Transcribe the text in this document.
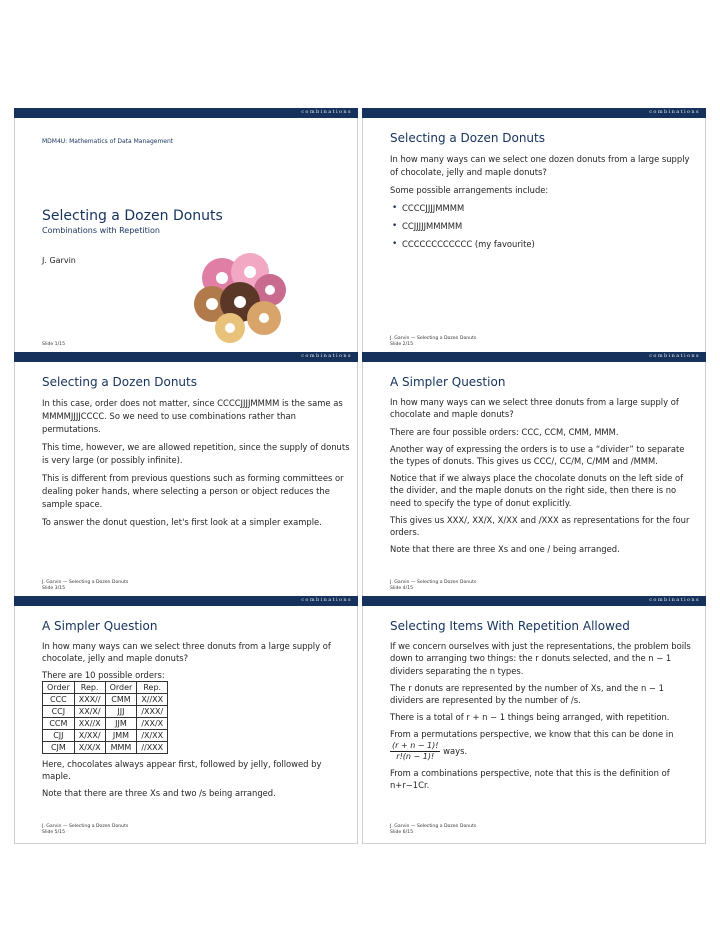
combinations
MDM4U: Mathematics of Data Management
Selecting a Dozen Donuts
Combinations with Repetition
J. Garvin
Slide 1/15
combinations
Selecting a Dozen Donuts

In how many ways can we select one dozen donuts from a large supply of chocolate, jelly and maple donuts?

Some possible arrangements include:

• CCCCJJJJMMMM
• CCJJJJJMMMMM
• CCCCCCCCCCCC (my favourite)
J. Garvin — Selecting a Dozen Donuts
Slide 2/15
combinations
Selecting a Dozen Donuts

In this case, order does not matter, since CCCCJJJJMMMM is the same as MMMMJJJJCCCC. So we need to use combinations rather than permutations.

This time, however, we are allowed repetition, since the supply of donuts is very large (or possibly infinite).

This is different from previous questions such as forming committees or dealing poker hands, where selecting a person or object reduces the sample space.

To answer the donut question, let's first look at a simpler example.

J. Garvin — Selecting a Dozen Donuts
Slide 3/15
combinations
A Simpler Question

In how many ways can we select three donuts from a large supply of chocolate and maple donuts?

There are four possible orders: CCC, CCM, CMM, MMM.

Another way of expressing the orders is to use a “divider” to separate the types of donuts. This gives us CCC/, CC/M, C/MM and /MMM.

Notice that if we always place the chocolate donuts on the left side of the divider, and the maple donuts on the right side, then there is no need to specify the type of donut explicitly.

This gives us XXX/, XX/X, X/XX and /XXX as representations for the four orders.

Note that there are three Xs and one / being arranged.

J. Garvin — Selecting a Dozen Donuts
Slide 4/15
combinations
A Simpler Question

In how many ways can we select three donuts from a large supply of chocolate, jelly and maple donuts?

There are 10 possible orders:

Order	Rep.	Order	Rep.
CCC	XXX//	CMM	X//XX
CCJ	XX/X/	JJJ	/XXX/
CCM	XX//X	JJM	/XX/X
CJJ	X/XX/	JMM	/X/XX
CJM	X/X/X	MMM	//XXX

Here, chocolates always appear first, followed by jelly, followed by maple.

Note that there are three Xs and two /s being arranged.

J. Garvin — Selecting a Dozen Donuts
Slide 5/15
combinations
Selecting Items With Repetition Allowed

If we concern ourselves with just the representations, the problem boils down to arranging two things: the r donuts selected, and the n − 1 dividers separating the n types.

The r donuts are represented by the number of Xs, and the n − 1 dividers are represented by the number of /s.

There is a total of r + n − 1 things being arranged, with repetition.

From a permutations perspective, we know that this can be done in
$\frac{(r + n - 1)!}{r!(n - 1)!}$ ways.

From a combinations perspective, note that this is the definition of n+r−1Cr.

J. Garvin — Selecting a Dozen Donuts
Slide 6/15
